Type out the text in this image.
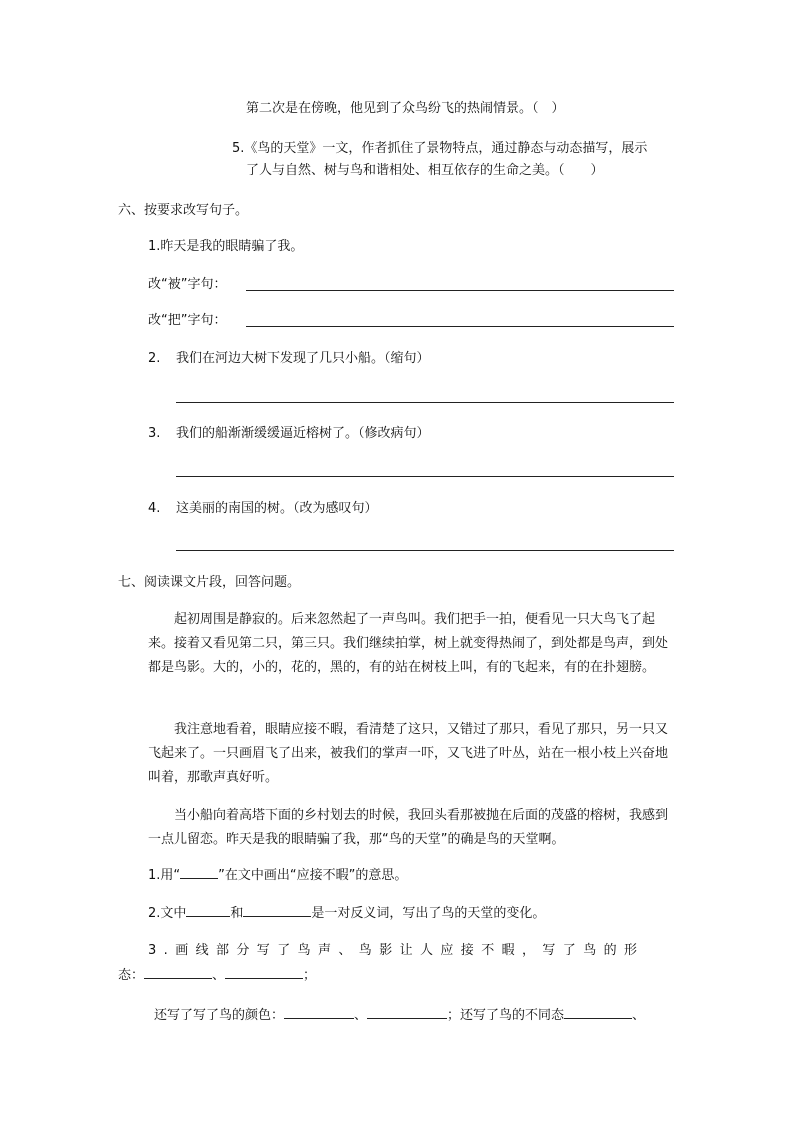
第二次是在傍晚，他见到了众鸟纷飞的热闹情景。（　）
5.《鸟的天堂》一文，作者抓住了景物特点，通过静态与动态描写，展示
了人与自然、树与鸟和谐相处、相互依存的生命之美。（　　）
六、按要求改写句子。
1.昨天是我的眼睛骗了我。
改“被”字句：
改“把”字句：
2. 我们在河边大树下发现了几只小船。（缩句）
3. 我们的船渐渐缓缓逼近榕树了。（修改病句）
4. 这美丽的南国的树。（改为感叹句）
七、阅读课文片段，回答问题。
起初周围是静寂的。后来忽然起了一声鸟叫。我们把手一拍，便看见一只大鸟飞了起来。接着又看见第二只，第三只。我们继续拍掌，树上就变得热闹了，到处都是鸟声，到处都是鸟影。大的，小的，花的，黑的，有的站在树枝上叫，有的飞起来，有的在扑翅膀。
我注意地看着，眼睛应接不暇，看清楚了这只，又错过了那只，看见了那只，另一只又飞起来了。一只画眉飞了出来，被我们的掌声一吓，又飞进了叶丛，站在一根小枝上兴奋地叫着，那歌声真好听。
当小船向着高塔下面的乡村划去的时候，我回头看那被抛在后面的茂盛的榕树，我感到一点儿留恋。昨天是我的眼睛骗了我，那“鸟的天堂”的确是鸟的天堂啊。
1.用“	”在文中画出“应接不暇”的意思。
2.文中	和	是一对反义词，写出了鸟的天堂的变化。
3.画线部分写了鸟声、鸟影让人应接不暇，写了鸟的形
态：	、	；
还写了写了鸟的颜色：	、	；还写了鸟的不同态	、
